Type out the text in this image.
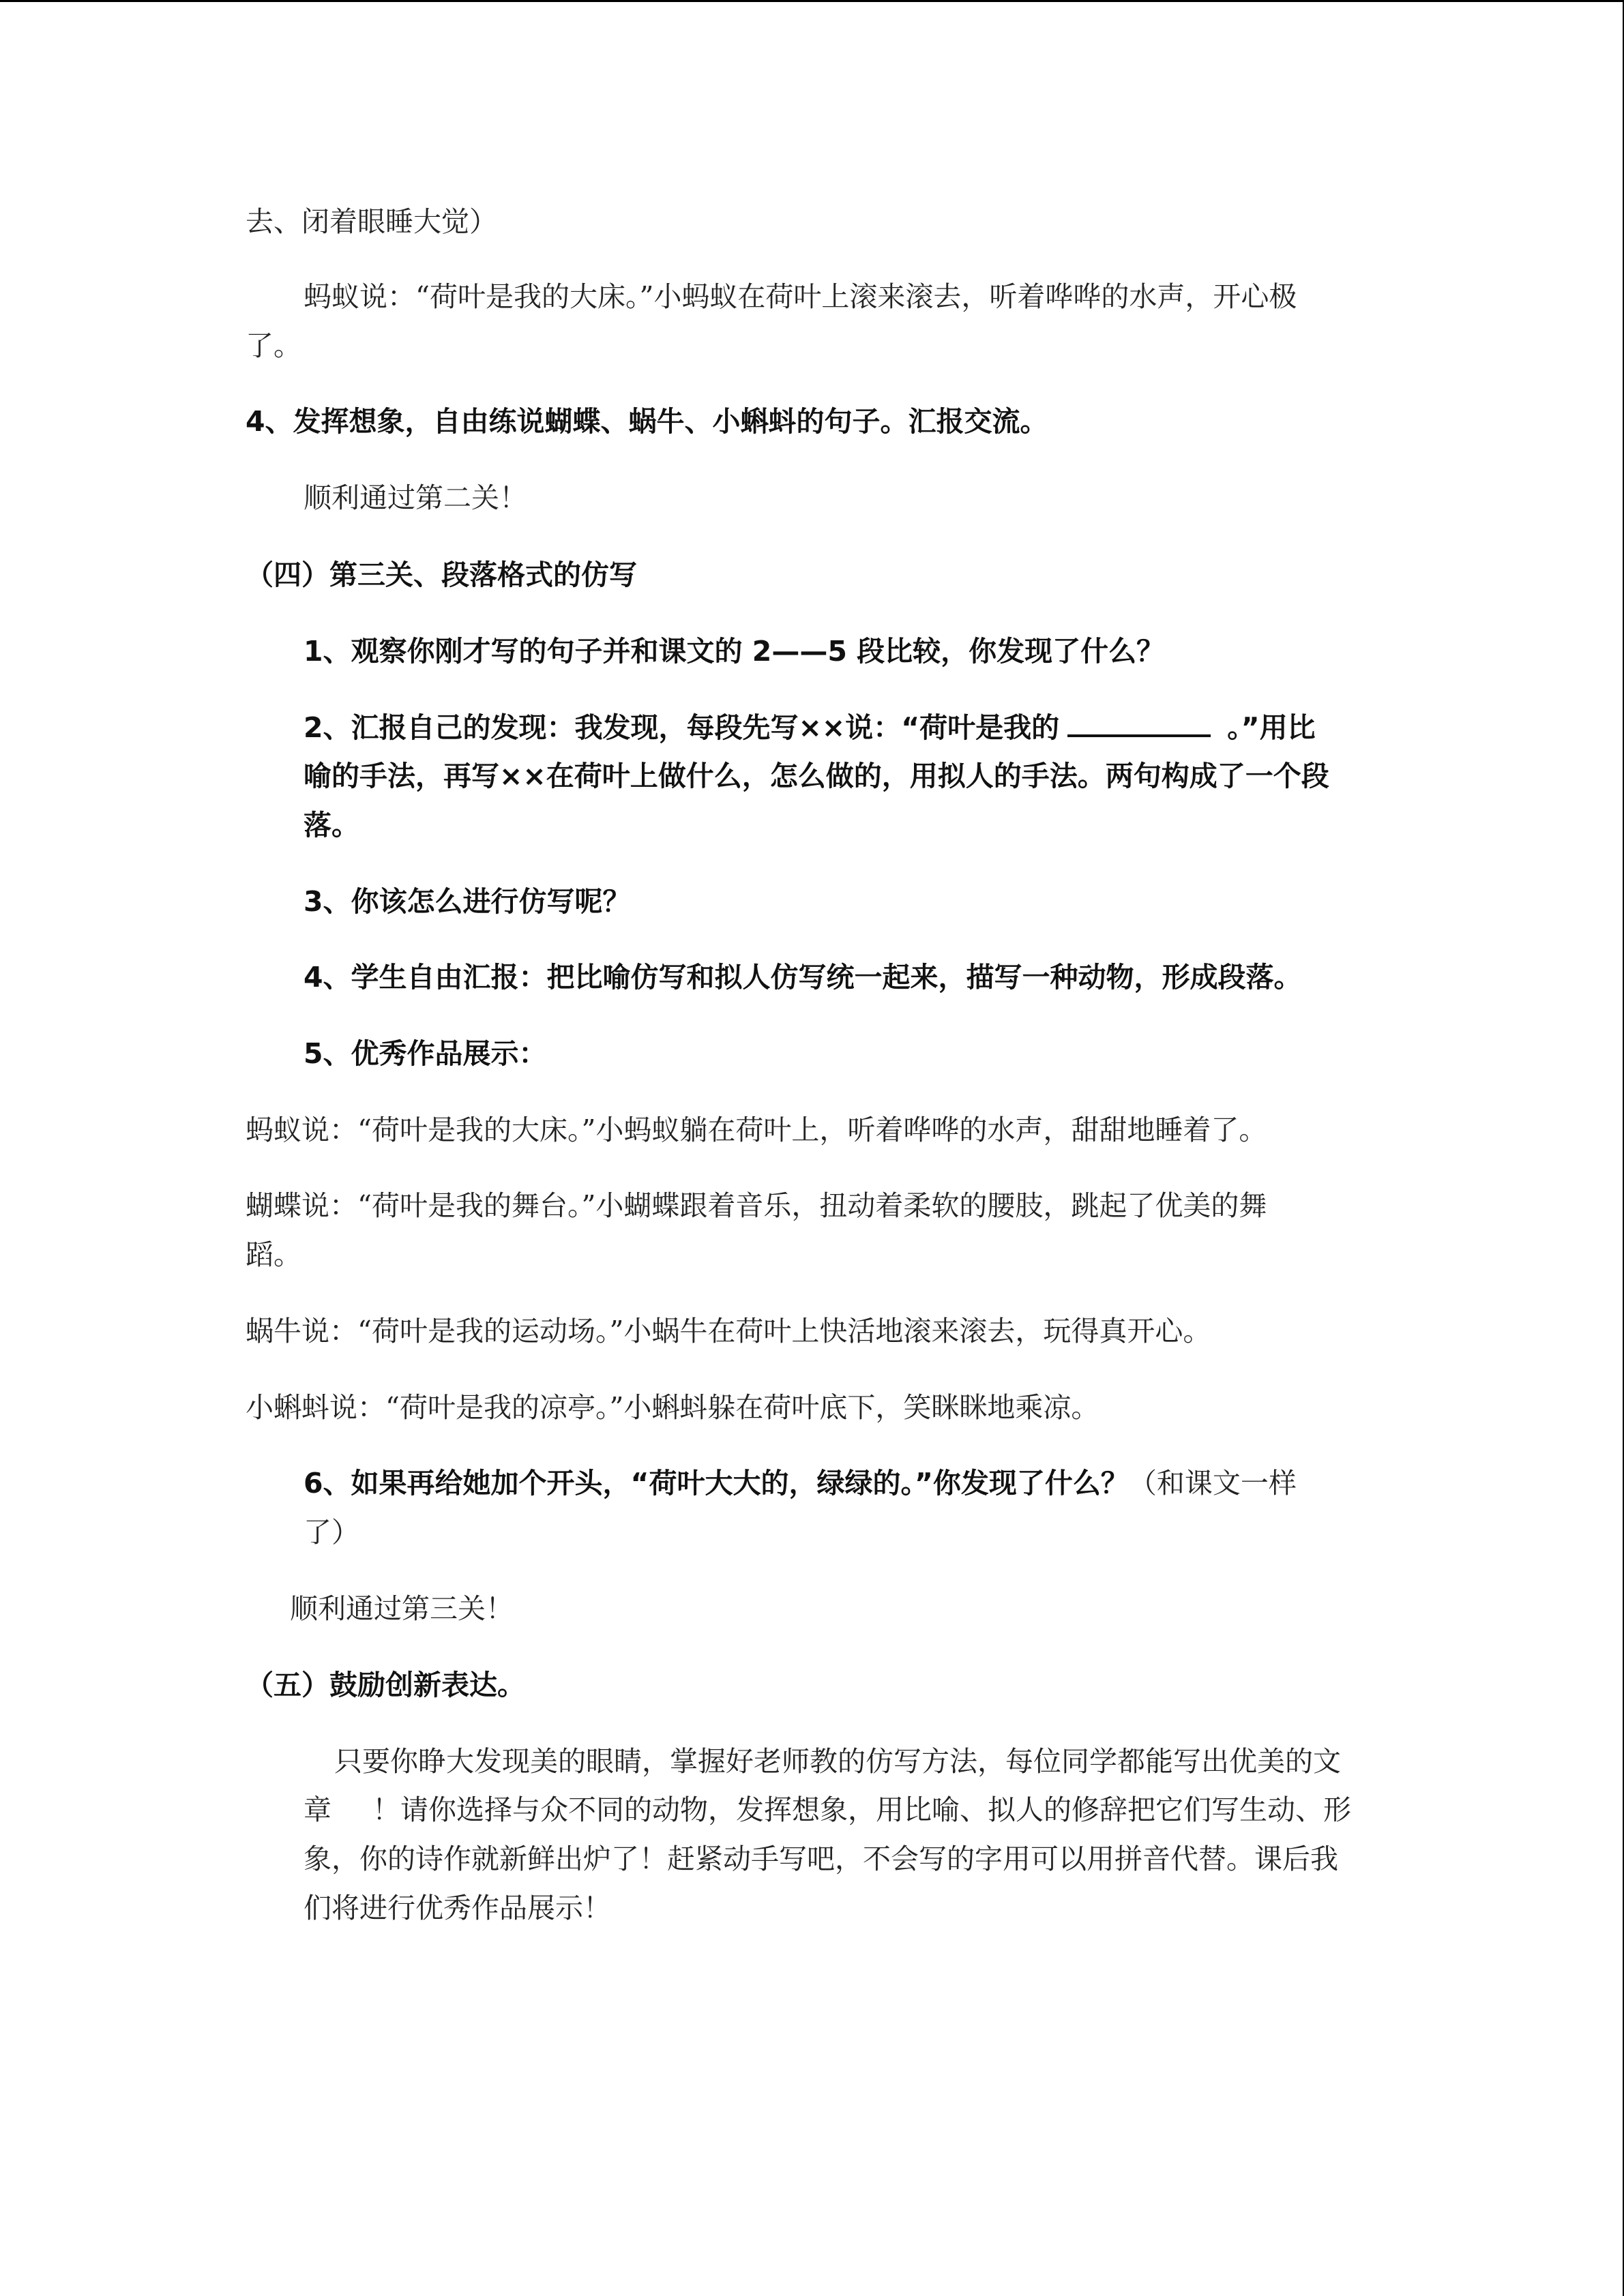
去、闭着眼睡大觉）

蚂蚁说：“荷叶是我的大床。”小蚂蚁在荷叶上滚来滚去，听着哗哗的水声，开心极

了。

4、发挥想象，自由练说蝴蝶、蜗牛、小蝌蚪的句子。汇报交流。

顺利通过第二关！

（四）第三关、段落格式的仿写

1、观察你刚才写的句子并和课文的 2——5 段比较，你发现了什么？

2、汇报自己的发现：我发现，每段先写××说：“荷叶是我的	。”用比

喻的手法，再写××在荷叶上做什么，怎么做的，用拟人的手法。两句构成了一个段

落。

3、你该怎么进行仿写呢？

4、学生自由汇报：把比喻仿写和拟人仿写统一起来，描写一种动物，形成段落。

5、优秀作品展示：

蚂蚁说：“荷叶是我的大床。”小蚂蚁躺在荷叶上，听着哗哗的水声，甜甜地睡着了。

蝴蝶说：“荷叶是我的舞台。”小蝴蝶跟着音乐，扭动着柔软的腰肢，跳起了优美的舞

蹈。

蜗牛说：“荷叶是我的运动场。”小蜗牛在荷叶上快活地滚来滚去，玩得真开心。

小蝌蚪说：“荷叶是我的凉亭。”小蝌蚪躲在荷叶底下，笑眯眯地乘凉。

6、如果再给她加个开头，“荷叶大大的，绿绿的。”你发现了什么？（和课文一样

了）

顺利通过第三关！

（五）鼓励创新表达。

只要你睁大发现美的眼睛，掌握好老师教的仿写方法，每位同学都能写出优美的文

章 ！请你选择与众不同的动物，发挥想象，用比喻、拟人的修辞把它们写生动、形

象，你的诗作就新鲜出炉了！赶紧动手写吧，不会写的字用可以用拼音代替。课后我

们将进行优秀作品展示！
